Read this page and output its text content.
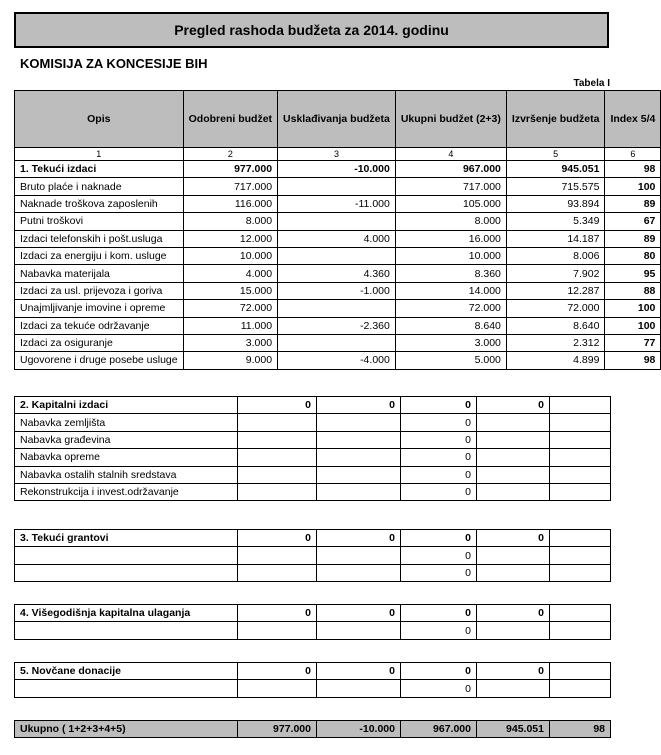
Pregled rashoda budžeta za 2014. godinu
KOMISIJA ZA KONCESIJE BIH
Tabela I
Opis	Odobreni budžet	Usklađivanja budžeta	Ukupni budžet (2+3)	Izvršenje budžeta	Index 5/4
1	2	3	4	5	6
1. Tekući izdaci	977.000	-10.000	967.000	945.051	98
Bruto plaće i naknade	717.000		717.000	715.575	100
Naknade troškova zaposlenih	116.000	-11.000	105.000	93.894	89
Putni troškovi	8.000		8.000	5.349	67
Izdaci telefonskih i pošt.usluga	12.000	4.000	16.000	14.187	89
Izdaci za energiju i kom. usluge	10.000		10.000	8.006	80
Nabavka materijala	4.000	4.360	8.360	7.902	95
Izdaci za usl. prijevoza i goriva	15.000	-1.000	14.000	12.287	88
Unajmljivanje imovine i opreme	72.000		72.000	72.000	100
Izdaci za tekuće održavanje	11.000	-2.360	8.640	8.640	100
Izdaci za osiguranje	3.000		3.000	2.312	77
Ugovorene i druge posebe usluge	9.000	-4.000	5.000	4.899	98
2. Kapitalni izdaci	0	0	0	0	
Nabavka zemljišta			0		
Nabavka građevina			0		
Nabavka opreme			0		
Nabavka ostalih stalnih sredstava			0		
Rekonstrukcija i invest.održavanje			0		
3. Tekući grantovi	0	0	0	0	
			0		
			0		
4. Višegodišnja kapitalna ulaganja	0	0	0	0	
			0		
5. Novčane donacije	0	0	0	0	
			0		
Ukupno ( 1+2+3+4+5)	977.000	-10.000	967.000	945.051	98
